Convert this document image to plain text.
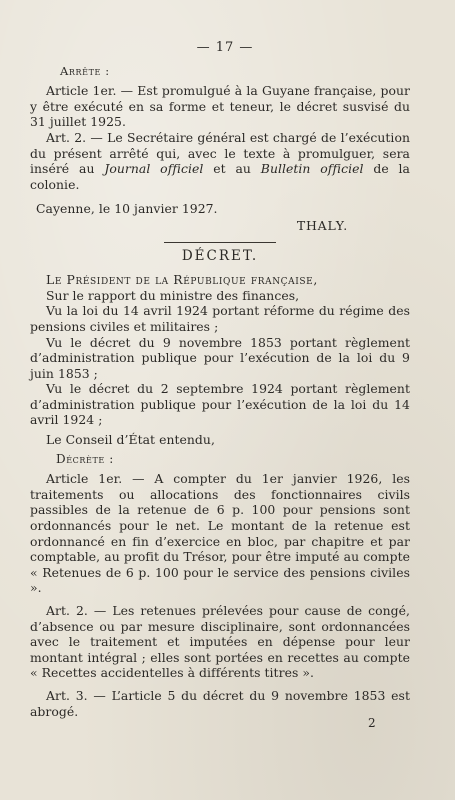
— 17 —
Arrête :

Article 1er. — Est promulgué à la Guyane française, pour y être exécuté en sa forme et teneur, le décret susvisé du 31 juillet 1925.

Art. 2. — Le Secrétaire général est chargé de l’exécution du présent arrêté qui, avec le texte à promulguer, sera inséré au Journal officiel et au Bulletin officiel de la colonie.

Cayenne, le 10 janvier 1927.

THALY.
DÉCRET.

Le Président de la République française,

Sur le rapport du ministre des finances,

Vu la loi du 14 avril 1924 portant réforme du régime des pensions civiles et militaires ;

Vu le décret du 9 novembre 1853 portant règlement d’administration publique pour l’exécution de la loi du 9 juin 1853 ;

Vu le décret du 2 septembre 1924 portant règlement d’administration publique pour l’exécution de la loi du 14 avril 1924 ;

Le Conseil d’État entendu,

Décrète :

Article 1er. — A compter du 1er janvier 1926, les traitements ou allocations des fonctionnaires civils passibles de la retenue de 6 p. 100 pour pensions sont ordonnancés pour le net. Le montant de la retenue est ordonnancé en fin d’exercice en bloc, par chapitre et par comptable, au profit du Trésor, pour être imputé au compte « Retenues de 6 p. 100 pour le service des pensions civiles ».

Art. 2. — Les retenues prélevées pour cause de congé, d’absence ou par mesure disciplinaire, sont ordonnancées avec le traitement et imputées en dépense pour leur montant intégral ; elles sont portées en recettes au compte « Recettes accidentelles à différents titres ».

Art. 3. — L’article 5 du décret du 9 novembre 1853 est abrogé.

2
